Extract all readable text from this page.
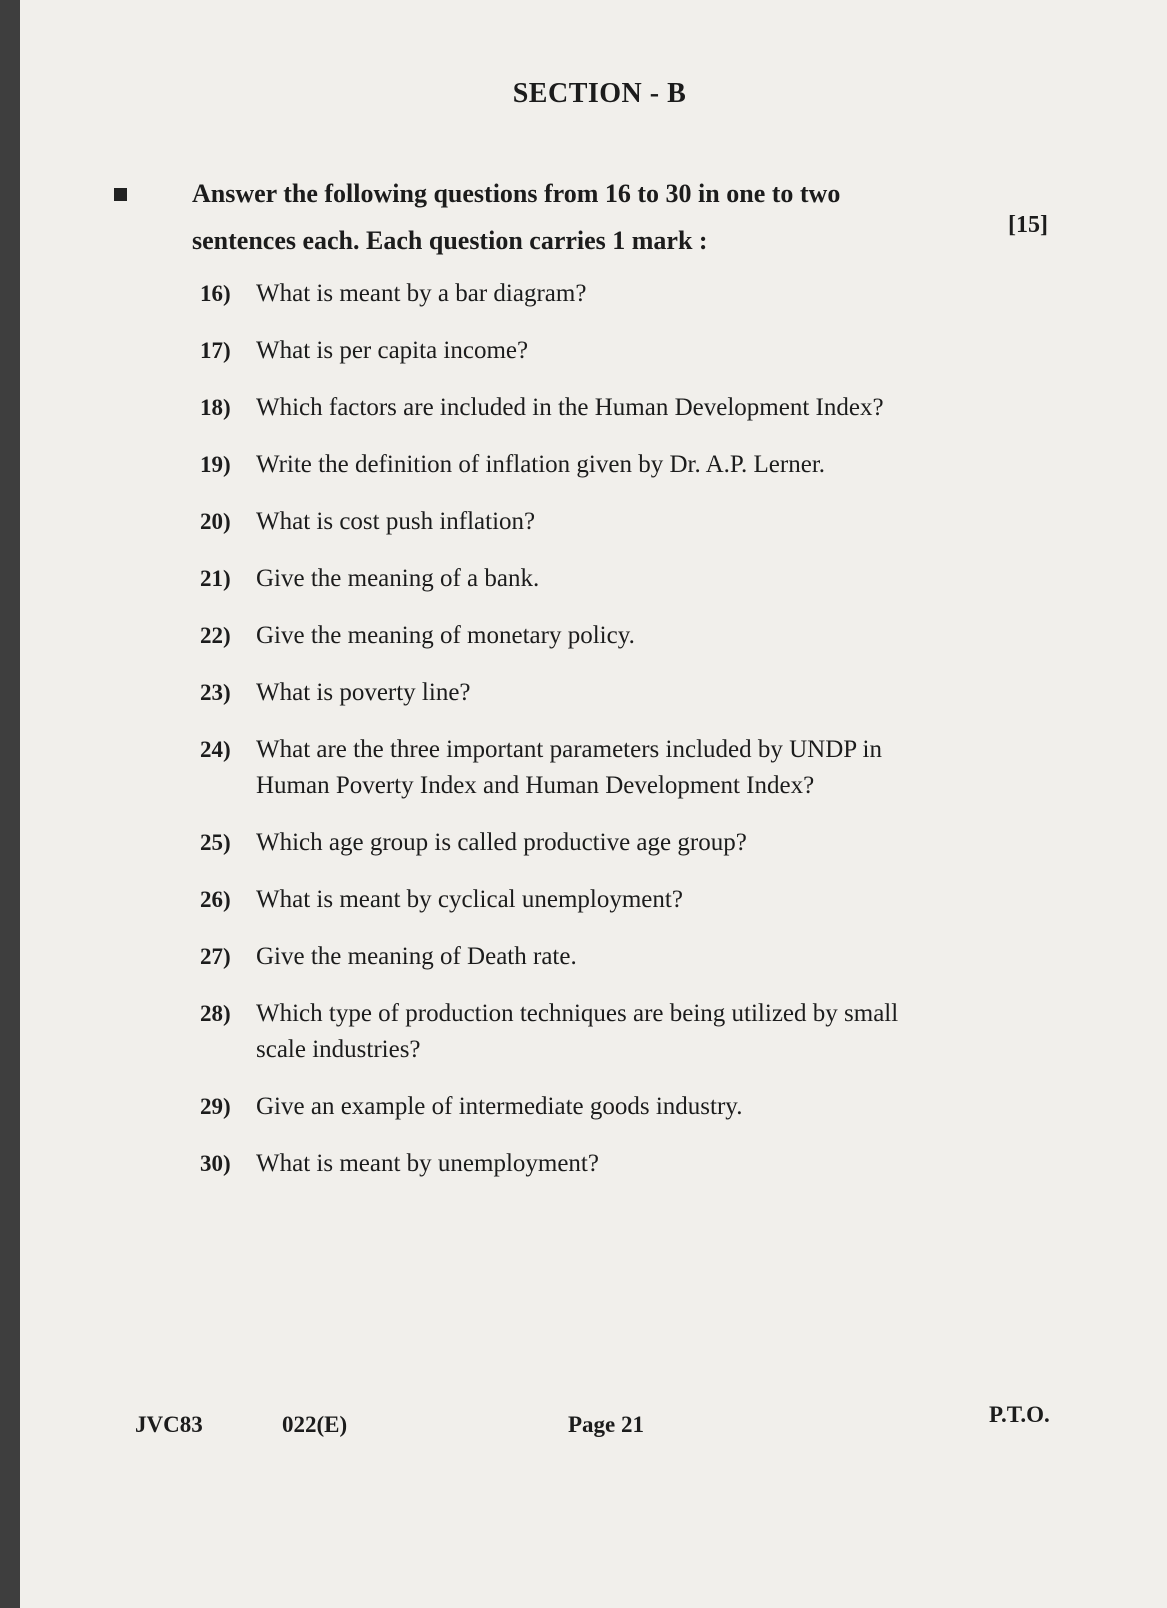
SECTION - B
Answer the following questions from 16 to 30 in one to two
sentences each. Each question carries 1 mark :
[15]
16)	What is meant by a bar diagram?
17)	What is per capita income?
18)	Which factors are included in the Human Development Index?
19)	Write the definition of inflation given by Dr. A.P. Lerner.
20)	What is cost push inflation?
21)	Give the meaning of a bank.
22)	Give the meaning of monetary policy.
23)	What is poverty line?
24)	What are the three important parameters included by UNDP in Human Poverty Index and Human Development Index?
25)	Which age group is called productive age group?
26)	What is meant by cyclical unemployment?
27)	Give the meaning of Death rate.
28)	Which type of production techniques are being utilized by small scale industries?
29)	Give an example of intermediate goods industry.
30)	What is meant by unemployment?
JVC83	022(E)	Page 21	P.T.O.
